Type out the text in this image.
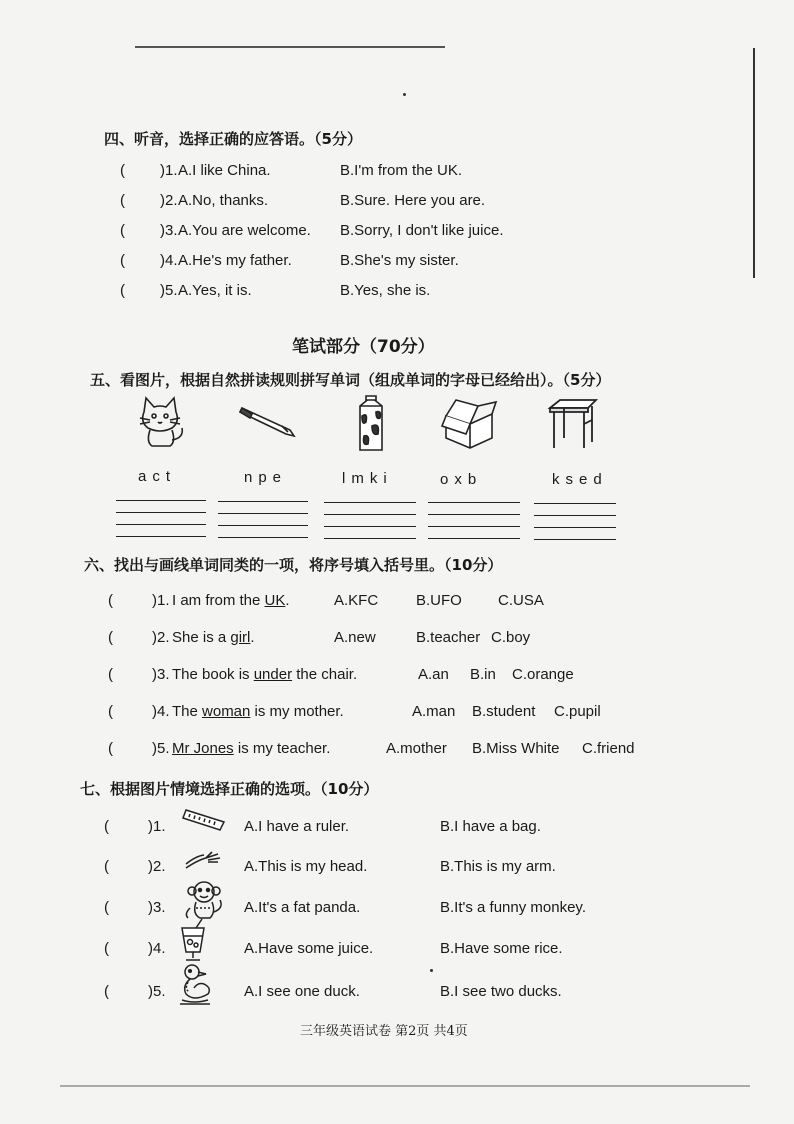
四、听音，选择正确的应答语。（5分）
( )1. A.I like China.	B.I'm from the UK.
( )2. A.No, thanks.	B.Sure. Here you are.
( )3. A.You are welcome. B.Sorry, I don't like juice.
( )4. A.He's my father.	B.She's my sister.
( )5. A.Yes, it is.	B.Yes, she is.
笔试部分（70分）
五、看图片，根据自然拼读规则拼写单词（组成单词的字母已经给出）。（5分）
act	npe	lmki	oxb	ksed
六、找出与画线单词同类的一项，将序号填入括号里。（10分）
(	)1. I am from the UK.	A.KFC	B.UFO C.USA
(	)2. She is a girl.	A.new	B.teacher C.boy
(	)3. The book is under the chair.	A.an B.in C.orange
(	)4. The woman is my mother.	A.man B.student C.pupil
(	)5. Mr Jones is my teacher.	A.mother B.Miss White C.friend
七、根据图片情境选择正确的选项。（10分）
(	)1.	A.I have a ruler.	B.I have a bag.
(	)2.	A.This is my head.	B.This is my arm.
(	)3.	A.It's a fat panda.	B.It's a funny monkey.
(	)4.	A.Have some juice.	B.Have some rice.
(	)5.	A.I see one duck.	B.I see two ducks.
三年级英语试卷 第2页 共4页
